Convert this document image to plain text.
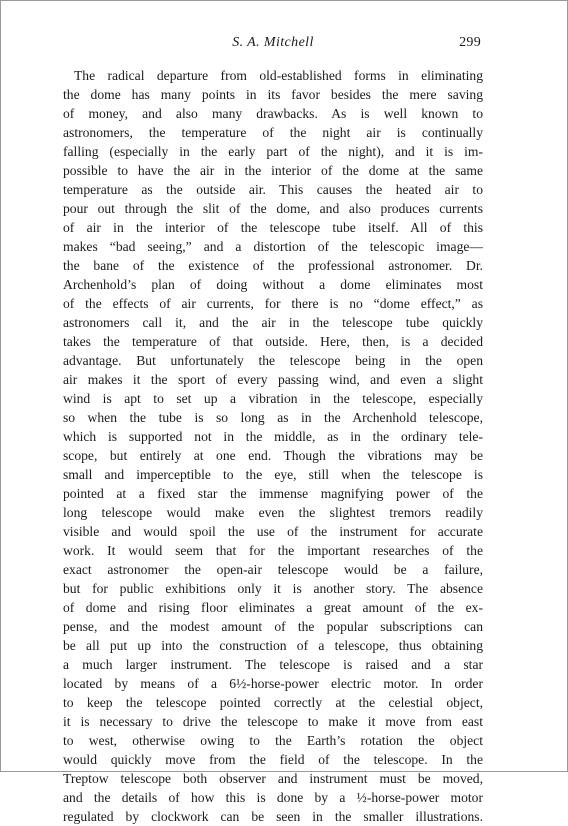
S. A. Mitchell	299
The radical departure from old-established forms in eliminating
the dome has many points in its favor besides the mere saving
of money, and also many drawbacks. As is well known to
astronomers, the temperature of the night air is continually
falling (especially in the early part of the night), and it is im-
possible to have the air in the interior of the dome at the same
temperature as the outside air. This causes the heated air to
pour out through the slit of the dome, and also produces currents
of air in the interior of the telescope tube itself. All of this
makes “bad seeing,” and a distortion of the telescopic image—
the bane of the existence of the professional astronomer. Dr.
Archenhold’s plan of doing without a dome eliminates most
of the effects of air currents, for there is no “dome effect,” as
astronomers call it, and the air in the telescope tube quickly
takes the temperature of that outside. Here, then, is a decided
advantage. But unfortunately the telescope being in the open
air makes it the sport of every passing wind, and even a slight
wind is apt to set up a vibration in the telescope, especially
so when the tube is so long as in the Archenhold telescope,
which is supported not in the middle, as in the ordinary tele-
scope, but entirely at one end. Though the vibrations may be
small and imperceptible to the eye, still when the telescope is
pointed at a fixed star the immense magnifying power of the
long telescope would make even the slightest tremors readily
visible and would spoil the use of the instrument for accurate
work. It would seem that for the important researches of the
exact astronomer the open-air telescope would be a failure,
but for public exhibitions only it is another story. The absence
of dome and rising floor eliminates a great amount of the ex-
pense, and the modest amount of the popular subscriptions can
be all put up into the construction of a telescope, thus obtaining
a much larger instrument. The telescope is raised and a star
located by means of a 6½-horse-power electric motor. In order
to keep the telescope pointed correctly at the celestial object,
it is necessary to drive the telescope to make it move from east
to west, otherwise owing to the Earth’s rotation the object
would quickly move from the field of the telescope. In the
Treptow telescope both observer and instrument must be moved,
and the details of how this is done by a ½-horse-power motor
regulated by clockwork can be seen in the smaller illustrations.
